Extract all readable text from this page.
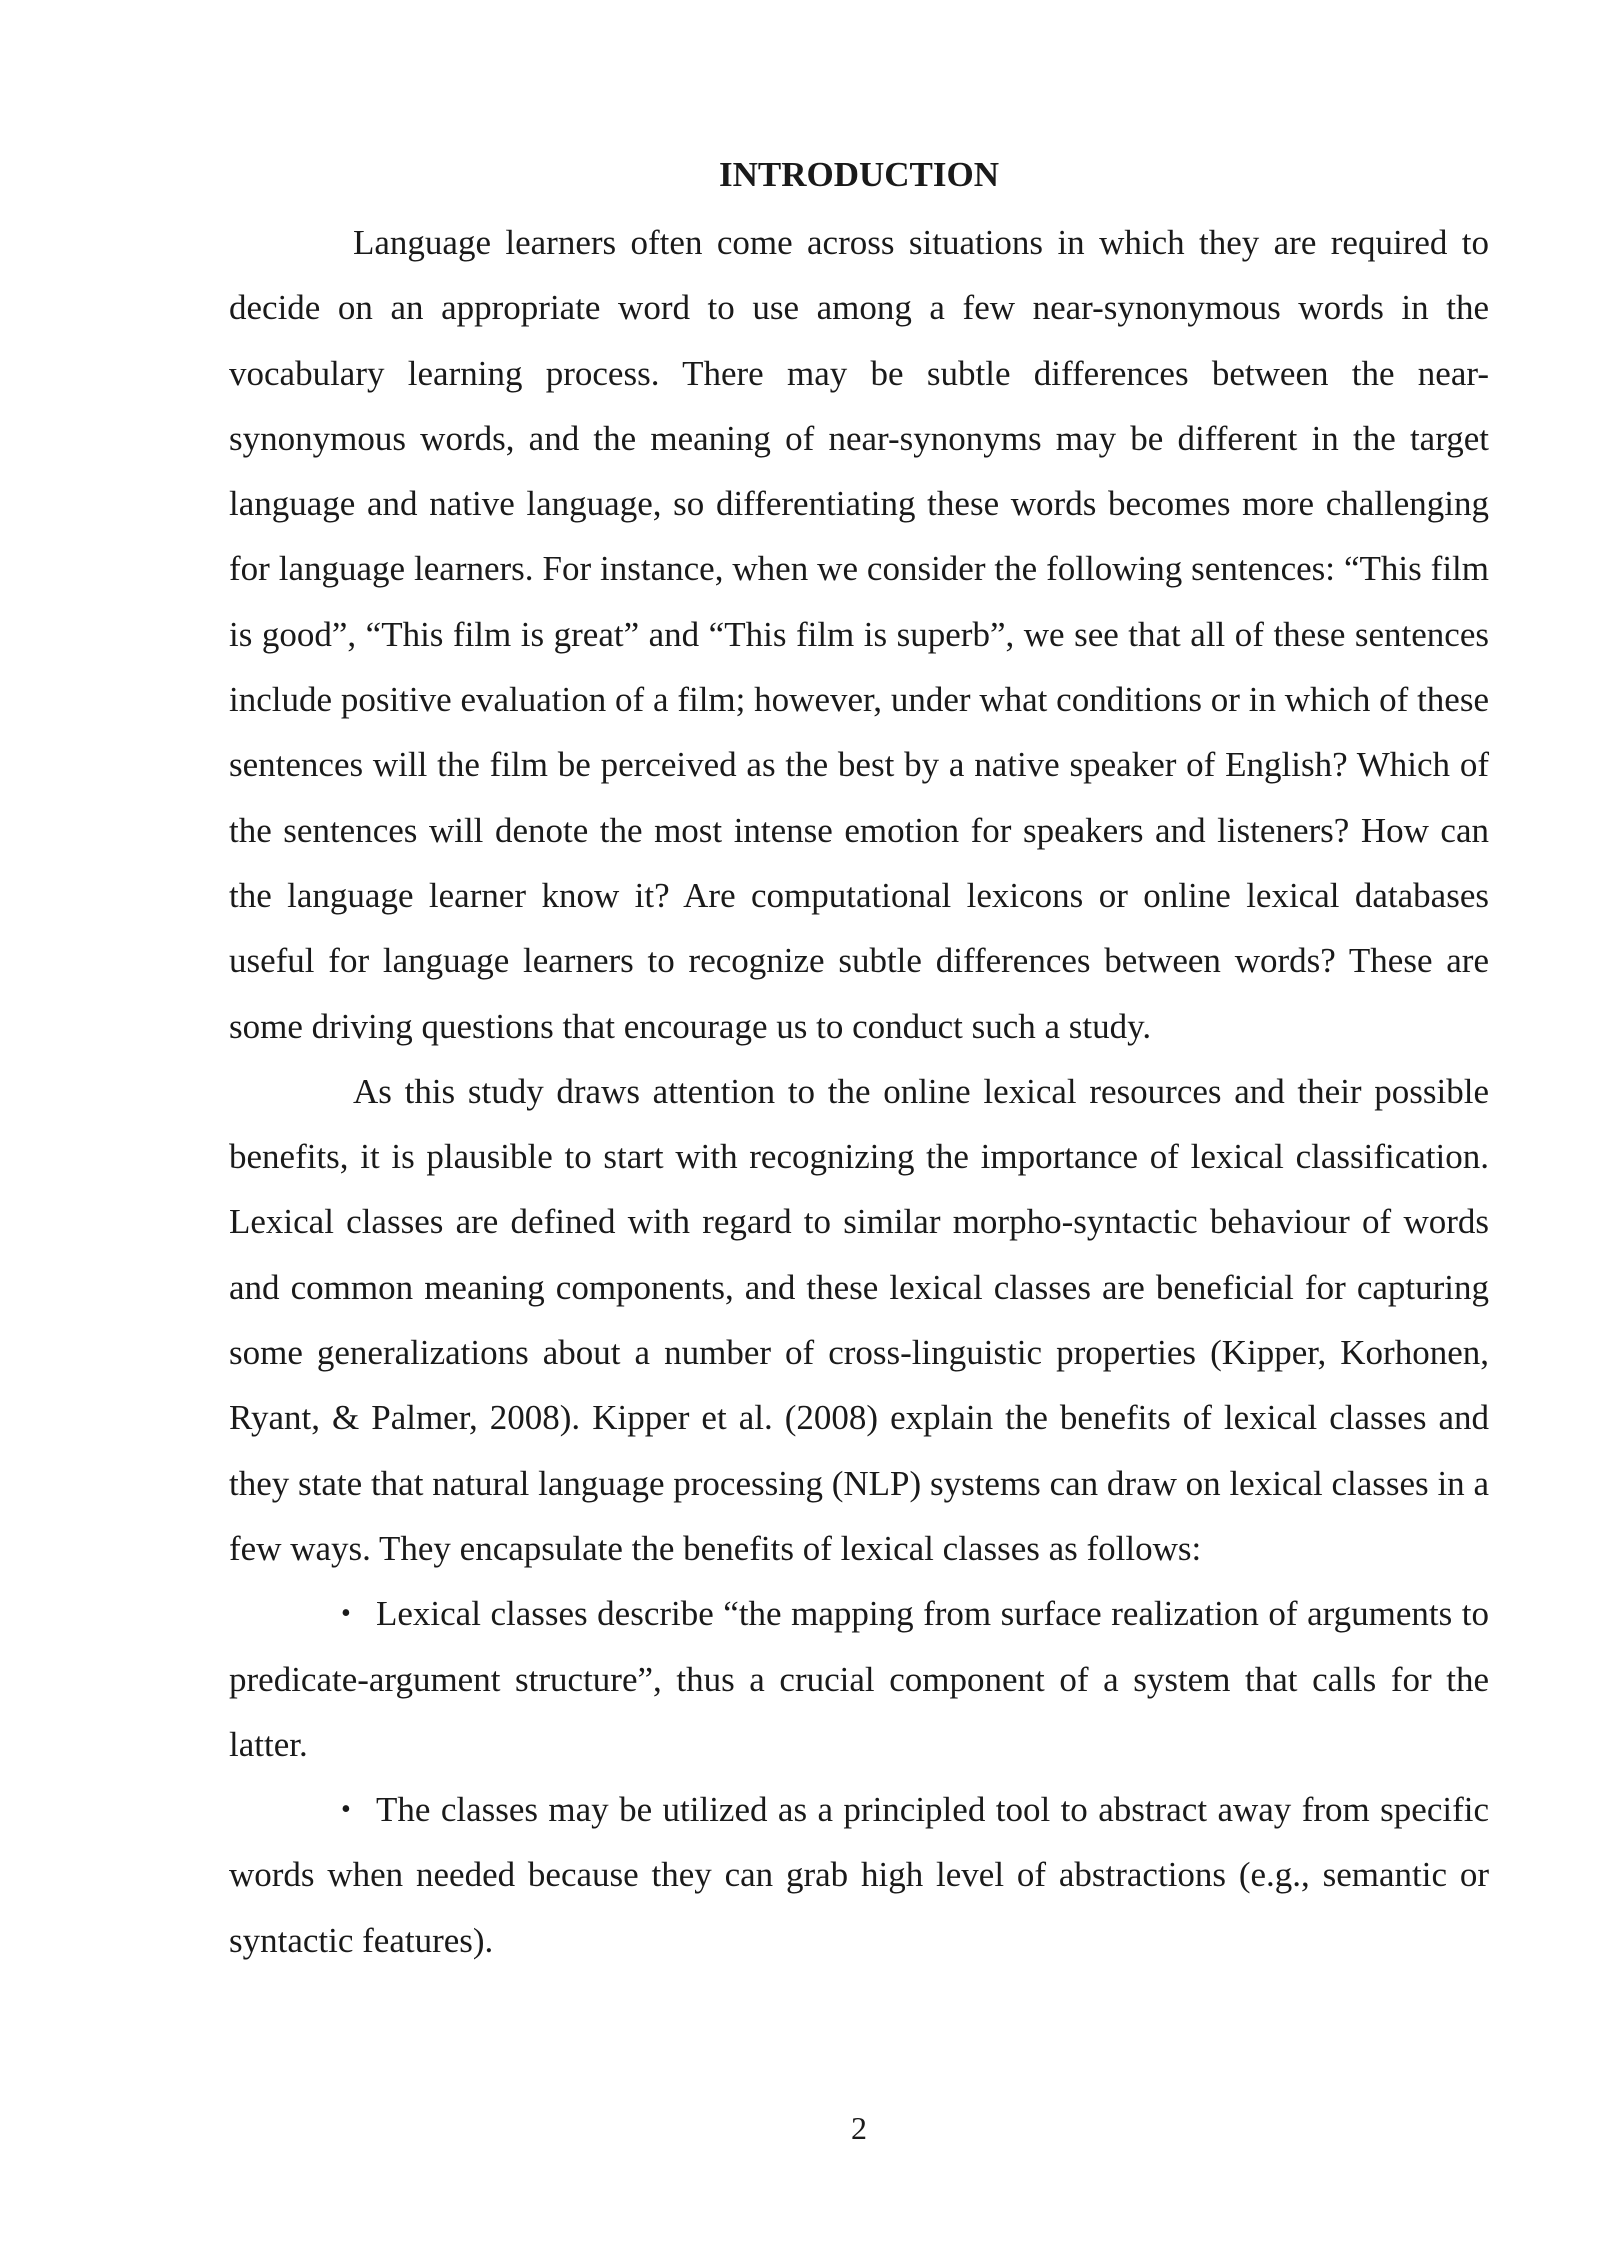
INTRODUCTION

Language learners often come across situations in which they are required to decide on an appropriate word to use among a few near-synonymous words in the vocabulary learning process. There may be subtle differences between the near-synonymous words, and the meaning of near-synonyms may be different in the target language and native language, so differentiating these words becomes more challenging for language learners. For instance, when we consider the following sentences: “This film is good”, “This film is great” and “This film is superb”, we see that all of these sentences include positive evaluation of a film; however, under what conditions or in which of these sentences will the film be perceived as the best by a native speaker of English? Which of the sentences will denote the most intense emotion for speakers and listeners? How can the language learner know it? Are computational lexicons or online lexical databases useful for language learners to recognize subtle differences between words? These are some driving questions that encourage us to conduct such a study.

As this study draws attention to the online lexical resources and their possible benefits, it is plausible to start with recognizing the importance of lexical classification. Lexical classes are defined with regard to similar morpho-syntactic behaviour of words and common meaning components, and these lexical classes are beneficial for capturing some generalizations about a number of cross-linguistic properties (Kipper, Korhonen, Ryant, & Palmer, 2008). Kipper et al. (2008) explain the benefits of lexical classes and they state that natural language processing (NLP) systems can draw on lexical classes in a few ways. They encapsulate the benefits of lexical classes as follows:

• Lexical classes describe “the mapping from surface realization of arguments to predicate-argument structure”, thus a crucial component of a system that calls for the latter.

• The classes may be utilized as a principled tool to abstract away from specific words when needed because they can grab high level of abstractions (e.g., semantic or syntactic features).

2
